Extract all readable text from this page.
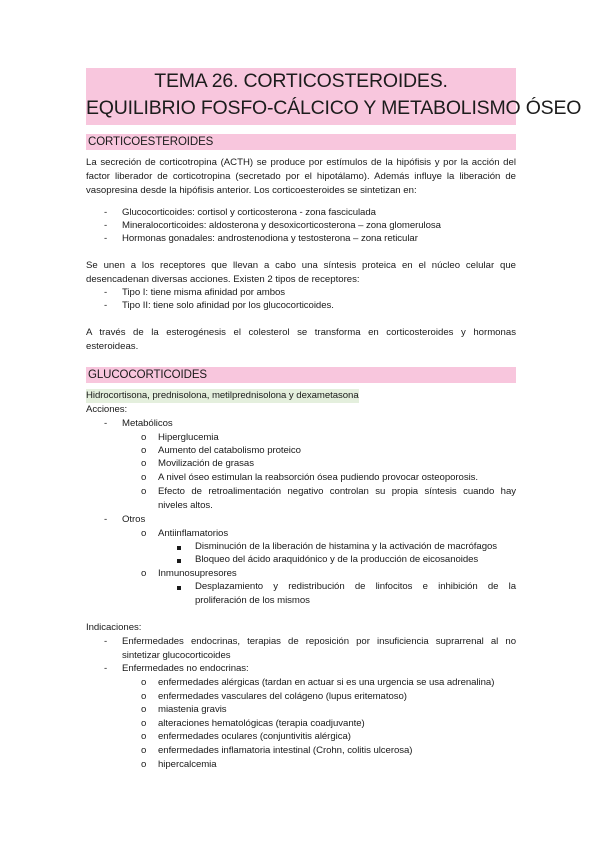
TEMA 26. CORTICOSTEROIDES.
EQUILIBRIO FOSFO-CÁLCICO Y METABOLISMO ÓSEO
CORTICOESTEROIDES
La secreción de corticotropina (ACTH) se produce por estímulos de la hipófisis y por la acción del
factor liberador de corticotropina (secretado por el hipotálamo). Además influye la liberación de
vasopresina desde la hipófisis anterior. Los corticoesteroides se sintetizan en:
- Glucocorticoides: cortisol y corticosterona - zona fasciculada
- Mineralocorticoides: aldosterona y desoxicorticosterona – zona glomerulosa
- Hormonas gonadales: androstenodiona y testosterona – zona reticular
Se unen a los receptores que llevan a cabo una síntesis proteica en el núcleo celular que
desencadenan diversas acciones. Existen 2 tipos de receptores:
- Tipo I: tiene misma afinidad por ambos
- Tipo II: tiene solo afinidad por los glucocorticoides.
A través de la esterogénesis el colesterol se transforma en corticosteroides y hormonas
esteroideas.
GLUCOCORTICOIDES
Hidrocortisona, prednisolona, metilprednisolona y dexametasona
Acciones:
- Metabólicos
o Hiperglucemia
o Aumento del catabolismo proteico
o Movilización de grasas
o A nivel óseo estimulan la reabsorción ósea pudiendo provocar osteoporosis.
o Efecto de retroalimentación negativo controlan su propia síntesis cuando hay
niveles altos.
- Otros
o Antiinflamatorios
Disminución de la liberación de histamina y la activación de macrófagos
Bloqueo del ácido araquidónico y de la producción de eicosanoides
o Inmunosupresores
Desplazamiento y redistribución de linfocitos e inhibición de la
proliferación de los mismos
Indicaciones:
- Enfermedades endocrinas, terapias de reposición por insuficiencia suprarrenal al no
sintetizar glucocorticoides
- Enfermedades no endocrinas:
o enfermedades alérgicas (tardan en actuar si es una urgencia se usa adrenalina)
o enfermedades vasculares del colágeno (lupus eritematoso)
o miastenia gravis
o alteraciones hematológicas (terapia coadjuvante)
o enfermedades oculares (conjuntivitis alérgica)
o enfermedades inflamatoria intestinal (Crohn, colitis ulcerosa)
o hipercalcemia
